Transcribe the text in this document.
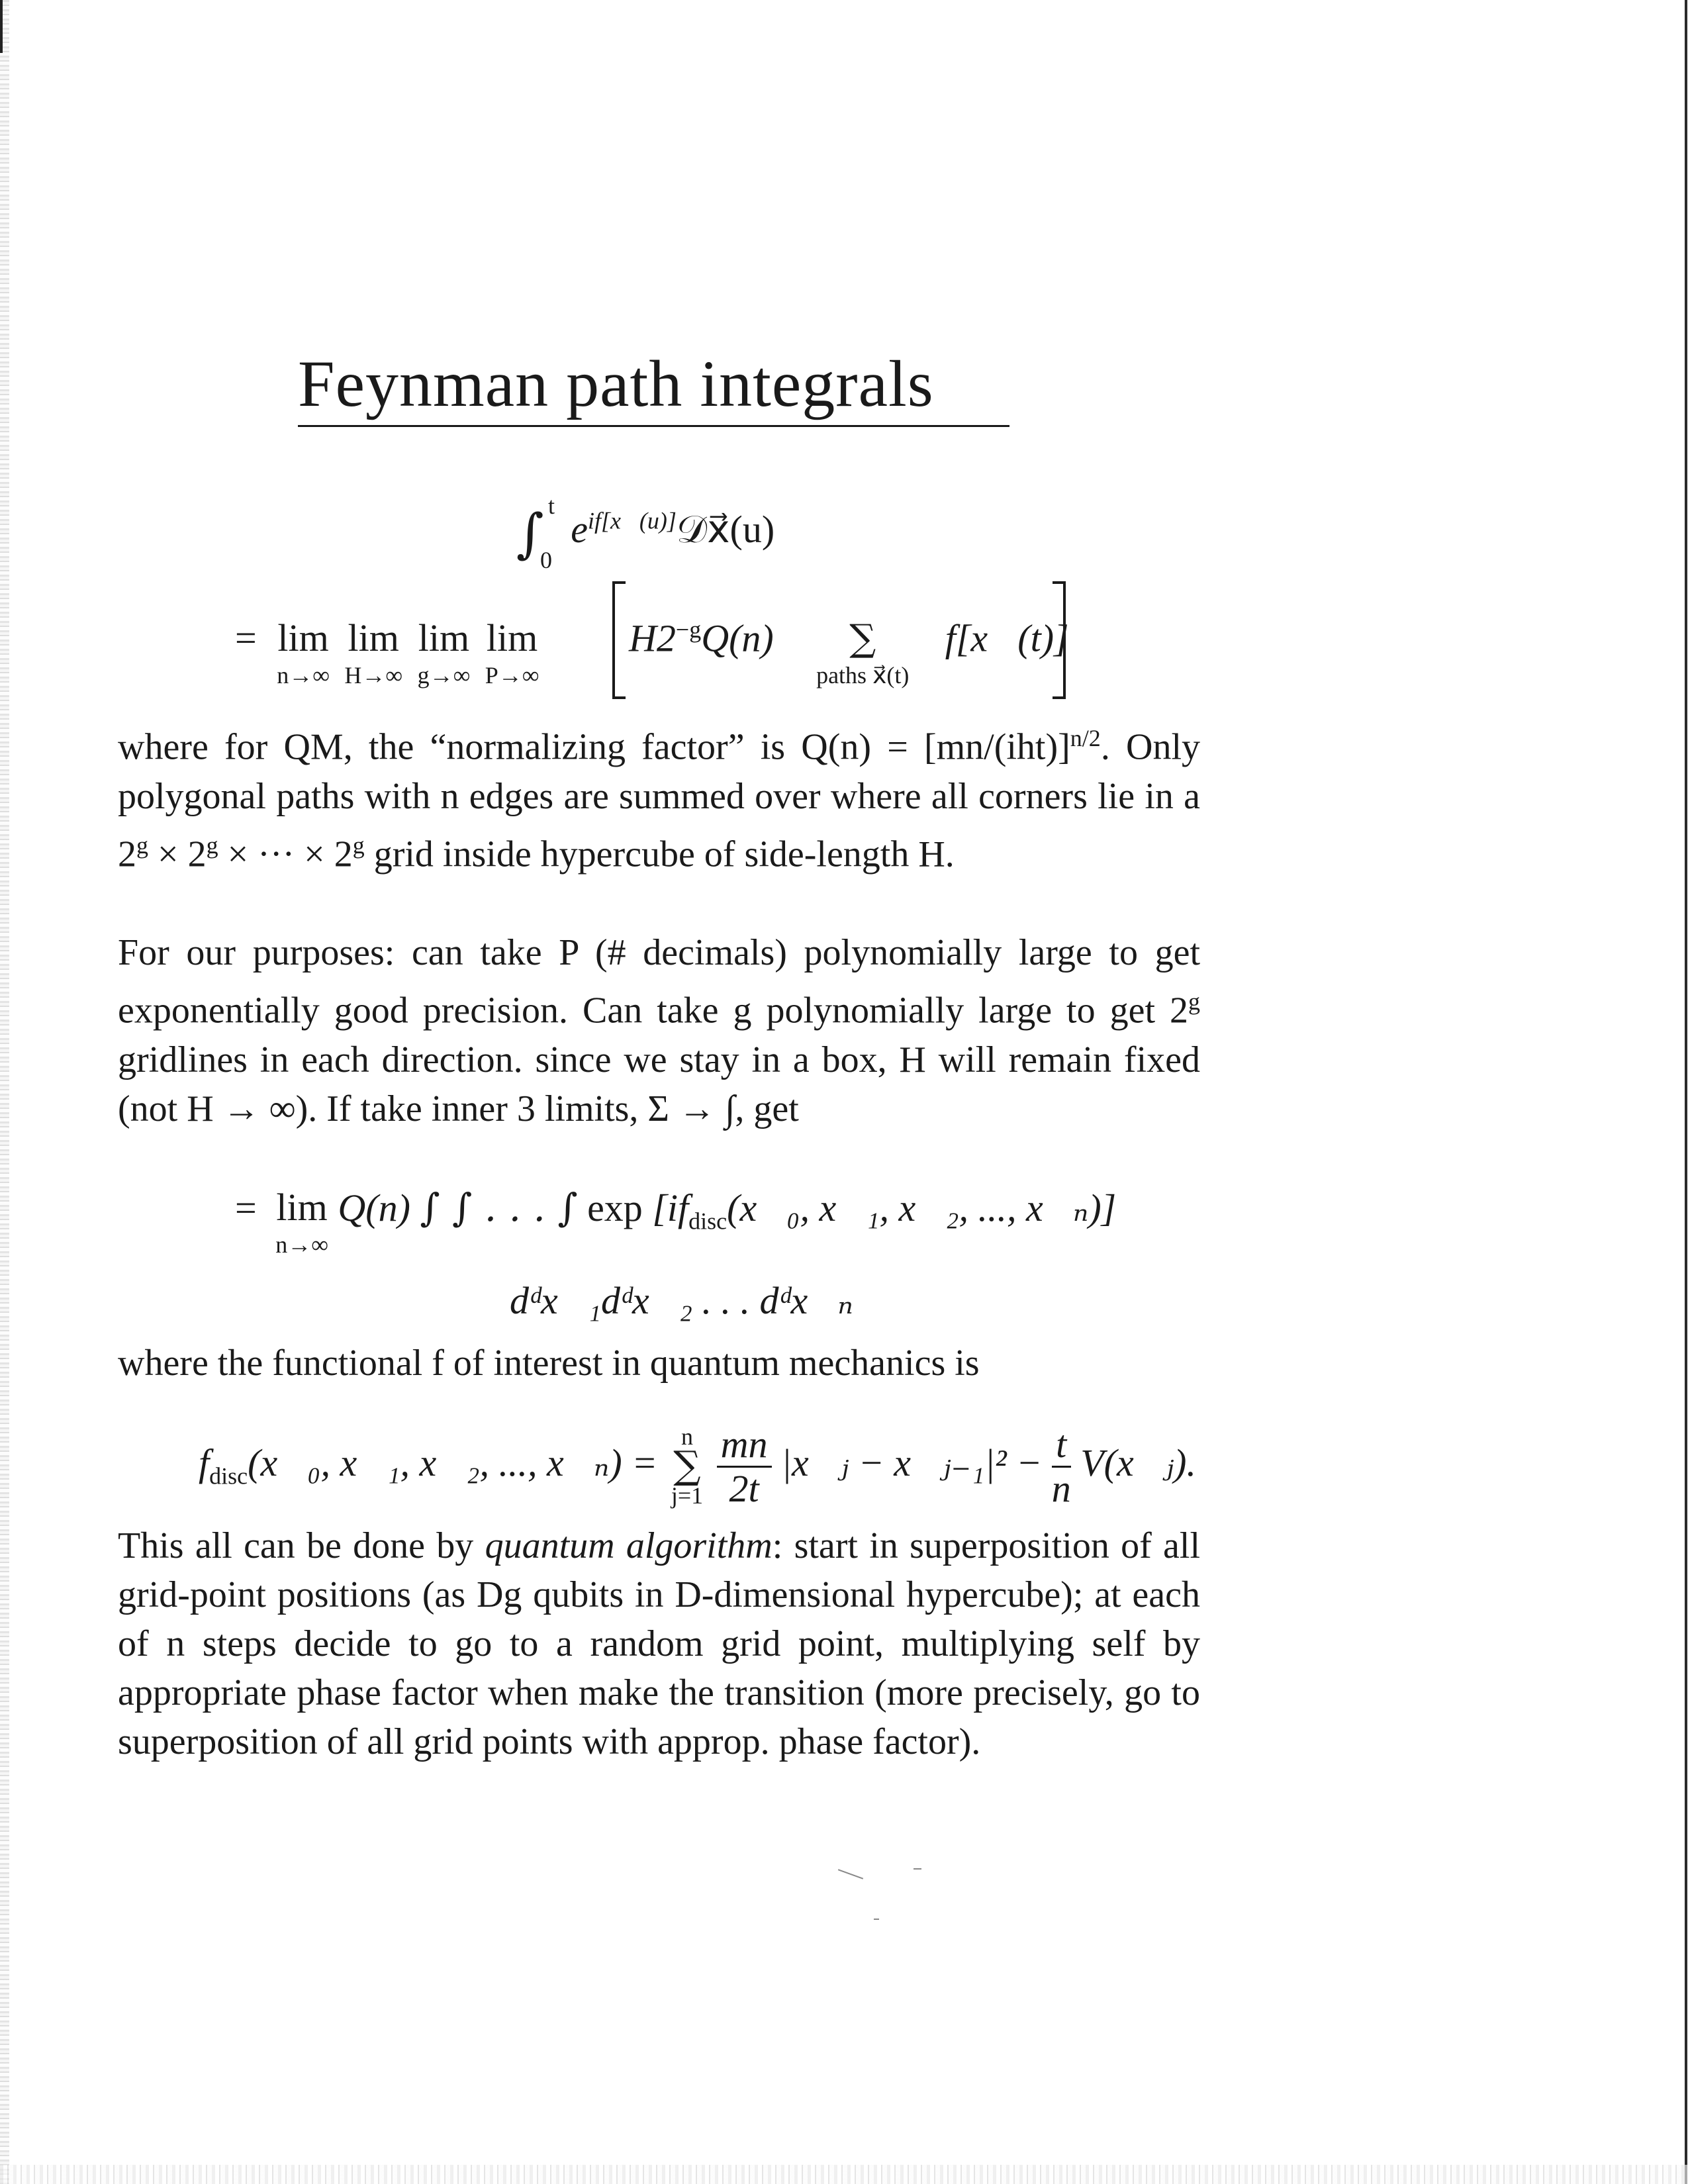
Feynman path integrals
∫ t
0
$e^{if[x⃗(u)]}𝒟x⃗(u)$
= lim
$^{n\to\infty}$ lim
$^{H\to\infty}$ lim
$^{g\to\infty}$ lim
$^{P\to\infty}$
$H2^{-g}Q(n)$ ∑
$^{paths x⃗(t)}$ f[x⃗(t)]

where for QM, the “normalizing factor” is $Q(n) = [mn/(iht)]^{n/2}$. Only polygonal paths with n edges are summed over where all corners lie in a $2^g \times 2^g$ × ··· × $2^g$ grid inside hypercube of side-length H.

For our purposes: can take P (# decimals) polynomially large to get exponentially good precision. Can take g polynomially large to get 2$^g$ gridlines in each direction. since we stay in a box, H will remain fixed (not H → ∞). If take inner 3 limits, Σ → ∫, get

= lim
$^{n\to\infty}$ Q(n) ∫ ∫ . . . ∫ $\exp [if_{disc}(x⃗_0$, x⃗₁, x⃗₂, ..., x⃗ₙ)]
dᵈx⃗₁dᵈx⃗₂ . . . dᵈx⃗ₙ

where the functional f of interest in quantum mechanics is

$f_{disc}(x⃗_0$, x⃗₁, x⃗₂, ..., x⃗ₙ) =
n
∑
j=1
$\frac{mn}{2t}$ |x⃗ⱼ − x⃗ⱼ₋₁|² − $\frac{t}{n}$ V(x⃗ⱼ).

This all can be done by quantum algorithm: start in superposition of all grid-point positions (as Dg qubits in D-dimensional hypercube); at each of n steps decide to go to a random grid point, multiplying self by appropriate phase factor when make the transition (more precisely, go to superposition of all grid points with approp. phase factor).
